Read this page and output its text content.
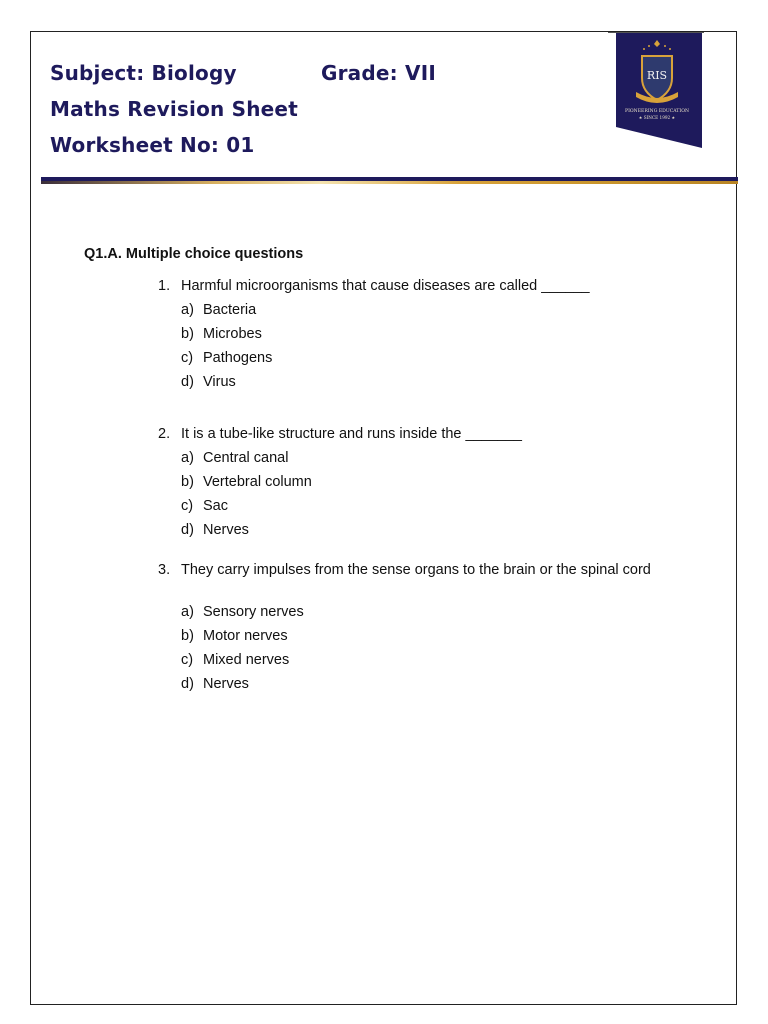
Subject: Biology	Grade: VII
Maths Revision Sheet
Worksheet No: 01
RIS
PIONEERING EDUCATION
★ SINCE 1992 ★
Q1.A. Multiple choice questions
1. Harmful microorganisms that cause diseases are called ______
a) Bacteria
b) Microbes
c) Pathogens
d) Virus
2. It is a tube-like structure and runs inside the _______
a) Central canal
b) Vertebral column
c) Sac
d) Nerves
3. They carry impulses from the sense organs to the brain or the spinal cord
a) Sensory nerves
b) Motor nerves
c) Mixed nerves
d) Nerves
